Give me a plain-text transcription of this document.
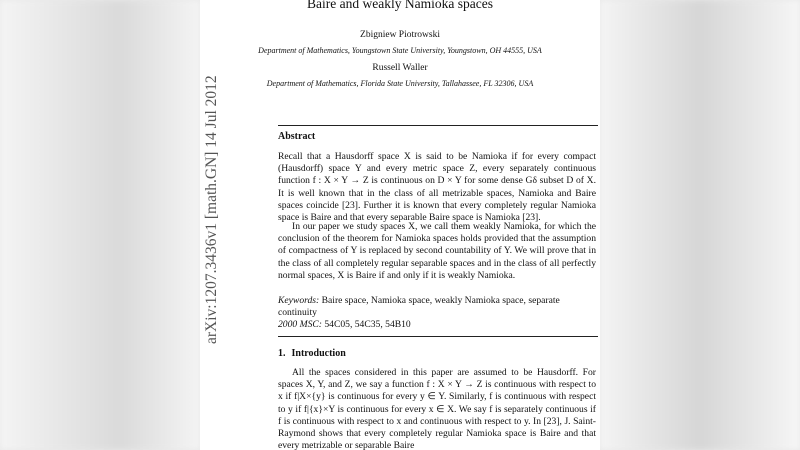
Baire and weakly Namioka spaces
Zbigniew Piotrowski
Department of Mathematics, Youngstown State University, Youngstown, OH 44555, USA
Russell Waller
Department of Mathematics, Florida State University, Tallahassee, FL 32306, USA
Abstract
Recall that a Hausdorff space X is said to be Namioka if for every compact (Hausdorff) space Y and every metric space Z, every separately continuous function f : X × Y → Z is continuous on D × Y for some dense Gδ subset D of X. It is well known that in the class of all metrizable spaces, Namioka and Baire spaces coincide [23]. Further it is known that every completely regular Namioka space is Baire and that every separable Baire space is Namioka [23].
In our paper we study spaces X, we call them weakly Namioka, for which the conclusion of the theorem for Namioka spaces holds provided that the assumption of compactness of Y is replaced by second countability of Y. We will prove that in the class of all completely regular separable spaces and in the class of all perfectly normal spaces, X is Baire if and only if it is weakly Namioka.
Keywords: Baire space, Namioka space, weakly Namioka space, separate continuity
2000 MSC: 54C05, 54C35, 54B10
1. Introduction
All the spaces considered in this paper are assumed to be Hausdorff. For spaces X, Y, and Z, we say a function f : X × Y → Z is continuous with respect to x if f|X×{y} is continuous for every y ∈ Y. Similarly, f is continuous with respect to y if f|{x}×Y is continuous for every x ∈ X. We say f is separately continuous if f is continuous with respect to x and continuous with respect to y. In [23], J. Saint-Raymond shows that every completely regular Namioka space is Baire and that every metrizable or separable Baire
arXiv:1207.3436v1 [math.GN] 14 Jul 2012
